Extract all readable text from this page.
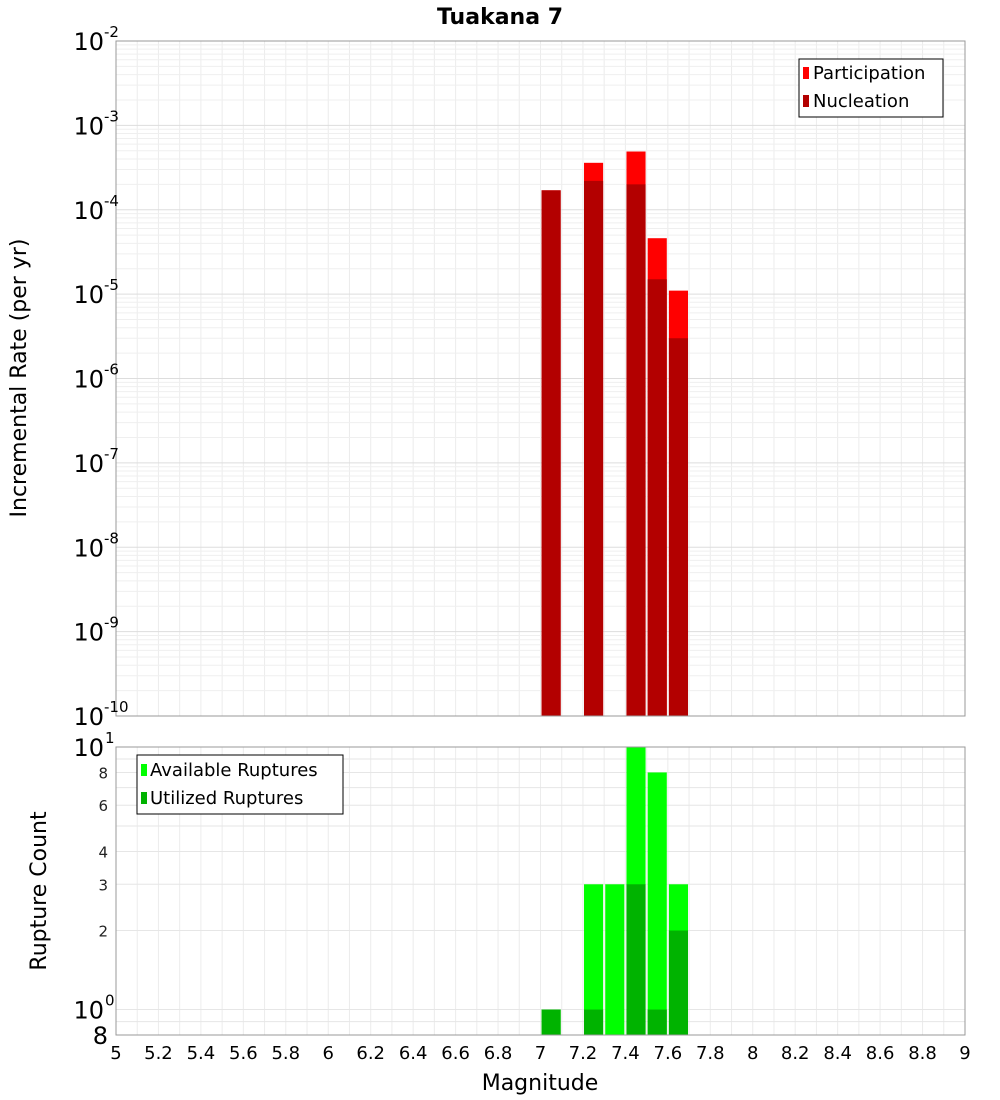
Tuakana 7
10 -10
10 -9
10 -8
10 -7
10 -6
10 -5
10 -4
10 -3
10 -2
Incremental Rate (per yr)
Participation
Nucleation
8
10 0
2
3
4
6
8
10 1
5 5.2 5.4 5.6 5.8 6 6.2 6.4 6.6 6.8 7 7.2 7.4 7.6 7.8 8 8.2 8.4 8.6 8.8 9
Rupture Count
Magnitude
Available Ruptures
Utilized Ruptures
